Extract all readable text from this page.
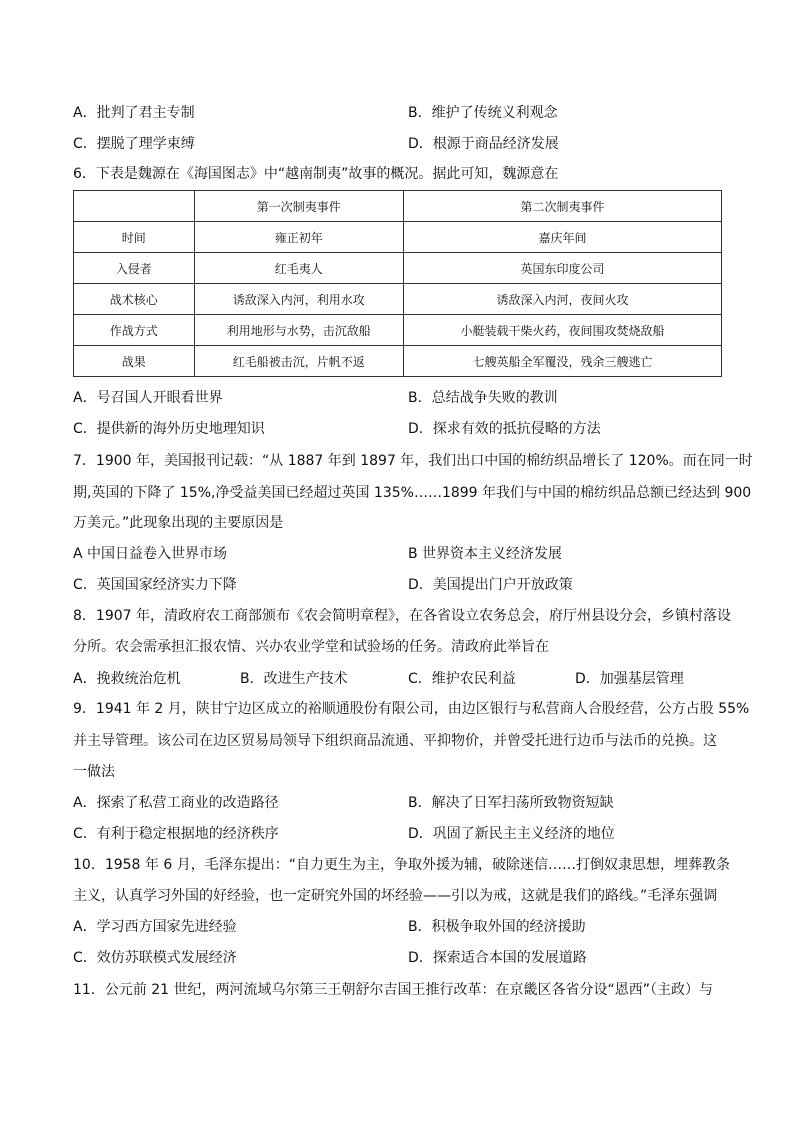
A．批判了君主专制	B．维护了传统义利观念
C．摆脱了理学束缚	D．根源于商品经济发展
6．下表是魏源在《海国图志》中“越南制夷”故事的概况。据此可知，魏源意在
	第一次制夷事件	第二次制夷事件
时间	雍正初年	嘉庆年间
入侵者	红毛夷人	英国东印度公司
战术核心	诱敌深入内河，利用水攻	诱敌深入内河，夜间火攻
作战方式	利用地形与水势，击沉敌船	小艇装载干柴火药，夜间围攻焚烧敌船
战果	红毛船被击沉，片帆不返	七艘英船全军覆没，残余三艘逃亡
A．号召国人开眼看世界	B．总结战争失败的教训
C．提供新的海外历史地理知识	D．探求有效的抵抗侵略的方法
7．1900 年，美国报刊记载：“从 1887 年到 1897 年，我们出口中国的棉纺织品增长了 120%。而在同一时
期,英国的下降了 15%,净受益美国已经超过英国 135%……1899 年我们与中国的棉纺织品总额已经达到 900
万美元。”此现象出现的主要原因是
A 中国日益卷入世界市场	B 世界资本主义经济发展
C．英国国家经济实力下降	D．美国提出门户开放政策
8．1907 年，清政府农工商部颁布《农会简明章程》，在各省设立农务总会，府厅州县设分会，乡镇村落设
分所。农会需承担汇报农情、兴办农业学堂和试验场的任务。清政府此举旨在
A．挽救统治危机	B．改进生产技术	C．维护农民利益	D．加强基层管理
9．1941 年 2 月，陕甘宁边区成立的裕顺通股份有限公司，由边区银行与私营商人合股经营，公方占股 55%
并主导管理。该公司在边区贸易局领导下组织商品流通、平抑物价，并曾受托进行边币与法币的兑换。这
一做法
A．探索了私营工商业的改造路径	B．解决了日军扫荡所致物资短缺
C．有利于稳定根据地的经济秩序	D．巩固了新民主主义经济的地位
10．1958 年 6 月，毛泽东提出：“自力更生为主，争取外援为辅，破除迷信……打倒奴隶思想，埋葬教条
主义，认真学习外国的好经验，也一定研究外国的坏经验——引以为戒，这就是我们的路线。”毛泽东强调
A．学习西方国家先进经验	B．积极争取外国的经济援助
C．效仿苏联模式发展经济	D．探索适合本国的发展道路
11．公元前 21 世纪，两河流域乌尔第三王朝舒尔吉国王推行改革：在京畿区各省分设“恩西”（主政）与
